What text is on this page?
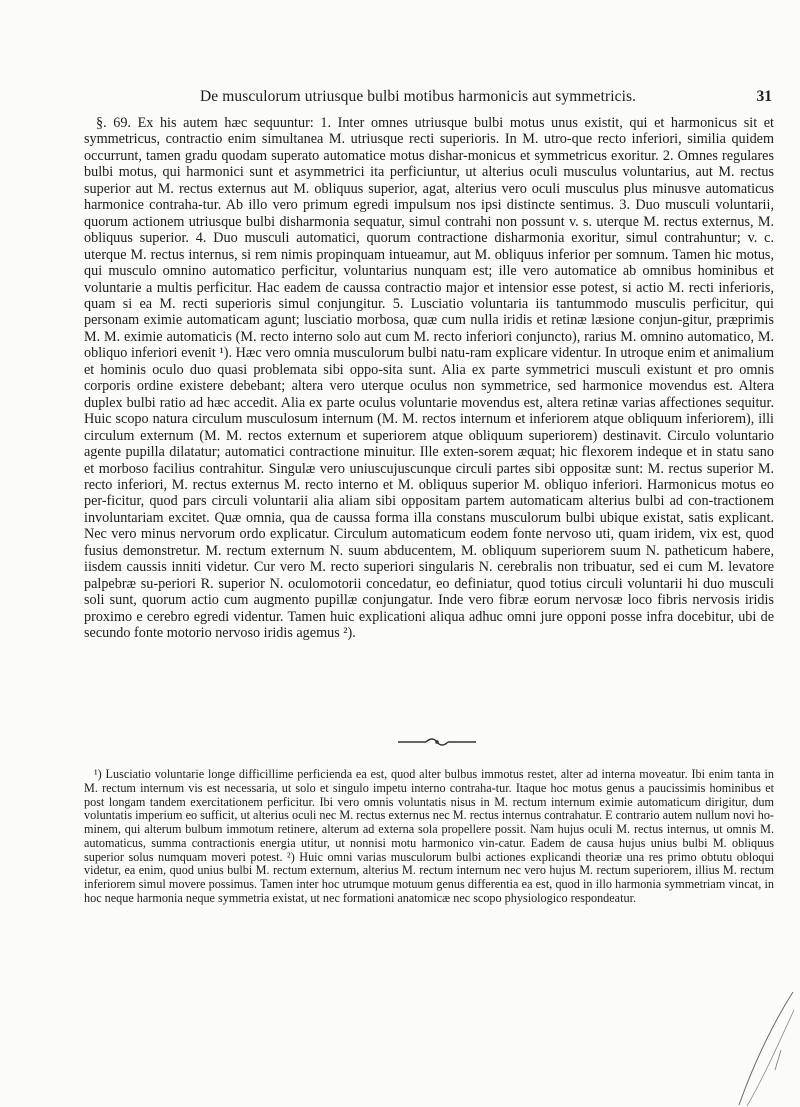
De musculorum utriusque bulbi motibus harmonicis aut symmetricis.	31

§. 69. Ex his autem hæc sequuntur: 1. Inter omnes utriusque bulbi motus unus existit, qui et harmonicus sit et symmetricus, contractio enim simultanea M. utriusque recti superioris. In M. utro-que recto inferiori, similia quidem occurrunt, tamen gradu quodam superato automatice motus dishar-monicus et symmetricus exoritur. 2. Omnes regulares bulbi motus, qui harmonici sunt et asymmetrici ita perficiuntur, ut alterius oculi musculus voluntarius, aut M. rectus superior aut M. rectus externus aut M. obliquus superior, agat, alterius vero oculi musculus plus minusve automaticus harmonice contraha-tur. Ab illo vero primum egredi impulsum nos ipsi distincte sentimus. 3. Duo musculi voluntarii, quorum actionem utriusque bulbi disharmonia sequatur, simul contrahi non possunt v. s. uterque M. rectus externus, M. obliquus superior. 4. Duo musculi automatici, quorum contractione disharmonia exoritur, simul contrahuntur; v. c. uterque M. rectus internus, si rem nimis propinquam intueamur, aut M. obliquus inferior per somnum. Tamen hic motus, qui musculo omnino automatico perficitur, voluntarius nunquam est; ille vero automatice ab omnibus hominibus et voluntarie a multis perficitur. Hac eadem de caussa contractio major et intensior esse potest, si actio M. recti inferioris, quam si ea M. recti superioris simul conjungitur. 5. Lusciatio voluntaria iis tantummodo musculis perficitur, qui personam eximie automaticam agunt; lusciatio morbosa, quæ cum nulla iridis et retinæ læsione conjun-gitur, præprimis M. M. eximie automaticis (M. recto interno solo aut cum M. recto inferiori conjuncto), rarius M. omnino automatico, M. obliquo inferiori evenit ¹). Hæc vero omnia musculorum bulbi natu-ram explicare videntur. In utroque enim et animalium et hominis oculo duo quasi problemata sibi oppo-sita sunt. Alia ex parte symmetrici musculi existunt et pro omnis corporis ordine existere debebant; altera vero uterque oculus non symmetrice, sed harmonice movendus est. Altera duplex bulbi ratio ad hæc accedit. Alia ex parte oculus voluntarie movendus est, altera retinæ varias affectiones sequitur. Huic scopo natura circulum musculosum internum (M. M. rectos internum et inferiorem atque obliquum inferiorem), illi circulum externum (M. M. rectos externum et superiorem atque obliquum superiorem) destinavit. Circulo voluntario agente pupilla dilatatur; automatici contractione minuitur. Ille exten-sorem æquat; hic flexorem indeque et in statu sano et morboso facilius contrahitur. Singulæ vero uniuscujuscunque circuli partes sibi oppositæ sunt: M. rectus superior M. recto inferiori, M. rectus externus M. recto interno et M. obliquus superior M. obliquo inferiori. Harmonicus motus eo per-ficitur, quod pars circuli voluntarii alia aliam sibi oppositam partem automaticam alterius bulbi ad con-tractionem involuntariam excitet. Quæ omnia, qua de caussa forma illa constans musculorum bulbi ubique existat, satis explicant. Nec vero minus nervorum ordo explicatur. Circulum automaticum eodem fonte nervoso uti, quam iridem, vix est, quod fusius demonstretur. M. rectum externum N. suum abducentem, M. obliquum superiorem suum N. patheticum habere, iisdem caussis inniti videtur. Cur vero M. recto superiori singularis N. cerebralis non tribuatur, sed ei cum M. levatore palpebræ su-periori R. superior N. oculomotorii concedatur, eo definiatur, quod totius circuli voluntarii hi duo musculi soli sunt, quorum actio cum augmento pupillæ conjungatur. Inde vero fibræ eorum nervosæ loco fibris nervosis iridis proximo e cerebro egredi videntur. Tamen huic explicationi aliqua adhuc omni jure opponi posse infra docebitur, ubi de secundo fonte motorio nervoso iridis agemus ²).

¹) Lusciatio voluntarie longe difficillime perficienda ea est, quod alter bulbus immotus restet, alter ad interna moveatur. Ibi enim tanta in M. rectum internum vis est necessaria, ut solo et singulo impetu interno contraha-tur. Itaque hoc motus genus a paucissimis hominibus et post longam tandem exercitationem perficitur. Ibi vero omnis voluntatis nisus in M. rectum internum eximie automaticum dirigitur, dum voluntatis imperium eo sufficit, ut alterius oculi nec M. rectus externus nec M. rectus internus contrahatur. E contrario autem nullum novi ho-minem, qui alterum bulbum immotum retinere, alterum ad externa sola propellere possit. Nam hujus oculi M. rectus internus, ut omnis M. automaticus, summa contractionis energia utitur, ut nonnisi motu harmonico vin-catur. Eadem de causa hujus unius bulbi M. obliquus superior solus numquam moveri potest. ²) Huic omni varias musculorum bulbi actiones explicandi theoriæ una res primo obtutu obloqui videtur, ea enim, quod unius bulbi M. rectum externum, alterius M. rectum internum nec vero hujus M. rectum superiorem, illius M. rectum inferiorem simul movere possimus. Tamen inter hoc utrumque motuum genus differentia ea est, quod in illo harmonia symmetriam vincat, in hoc neque harmonia neque symmetria existat, ut nec formationi anatomicæ nec scopo physiologico respondeatur.
